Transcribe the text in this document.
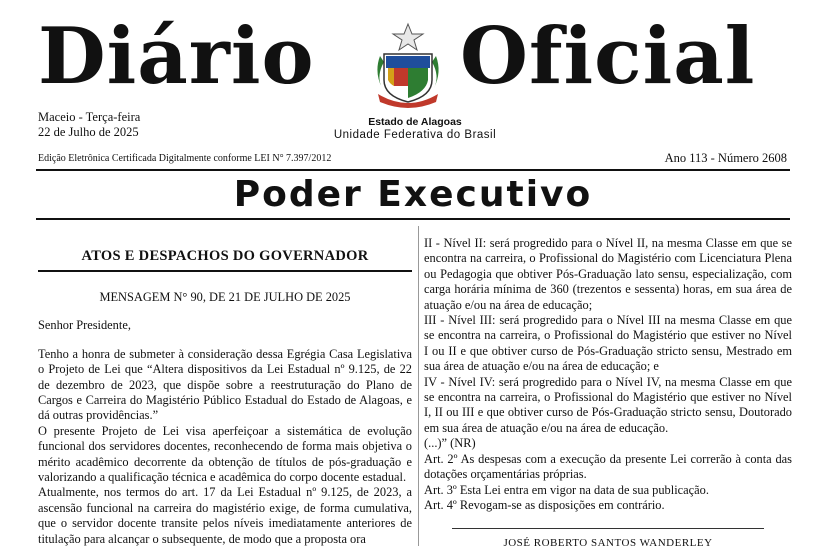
Diário Oficial
Maceio - Terça-feira
22 de Julho de 2025
Estado de Alagoas
Unidade Federativa do Brasil
Edição Eletrônica Certificada Digitalmente conforme LEI N° 7.397/2012	Ano 113 - Número 2608
Poder Executivo
ATOS E DESPACHOS DO GOVERNADOR
MENSAGEM N° 90, DE 21 DE JULHO DE 2025

Senhor Presidente,

Tenho a honra de submeter à consideração dessa Egrégia Casa Legislativa o Projeto de Lei que “Altera dispositivos da Lei Estadual nº 9.125, de 22 de dezembro de 2023, que dispõe sobre a reestruturação do Plano de Cargos e Carreira do Magistério Público Estadual do Estado de Alagoas, e dá outras providências.”

O presente Projeto de Lei visa aperfeiçoar a sistemática de evolução funcional dos servidores docentes, reconhecendo de forma mais objetiva o mérito acadêmico decorrente da obtenção de títulos de pós-graduação e valorizando a qualificação técnica e acadêmica do corpo docente estadual.

Atualmente, nos termos do art. 17 da Lei Estadual nº 9.125, de 2023, a ascensão funcional na carreira do magistério exige, de forma cumulativa, que o servidor docente transite pelos níveis imediatamente anteriores de titulação para alcançar o subsequente, de modo que a proposta ora

II - Nível II: será progredido para o Nível II, na mesma Classe em que se encontra na carreira, o Profissional do Magistério com Licenciatura Plena ou Pedagogia que obtiver Pós-Graduação lato sensu, especialização, com carga horária mínima de 360 (trezentos e sessenta) horas, em sua área de atuação e/ou na área de educação;

III - Nível III: será progredido para o Nível III na mesma Classe em que se encontra na carreira, o Profissional do Magistério que estiver no Nível I ou II e que obtiver curso de Pós-Graduação stricto sensu, Mestrado em sua área de atuação e/ou na área de educação; e

IV - Nível IV: será progredido para o Nível IV, na mesma Classe em que se encontra na carreira, o Profissional do Magistério que estiver no Nível I, II ou III e que obtiver curso de Pós-Graduação stricto sensu, Doutorado em sua área de atuação e/ou na área de educação.

(...)” (NR)

Art. 2º As despesas com a execução da presente Lei correrão à conta das dotações orçamentárias próprias.

Art. 3º Esta Lei entra em vigor na data de sua publicação.

Art. 4º Revogam-se as disposições em contrário.

JOSÉ ROBERTO SANTOS WANDERLEY
